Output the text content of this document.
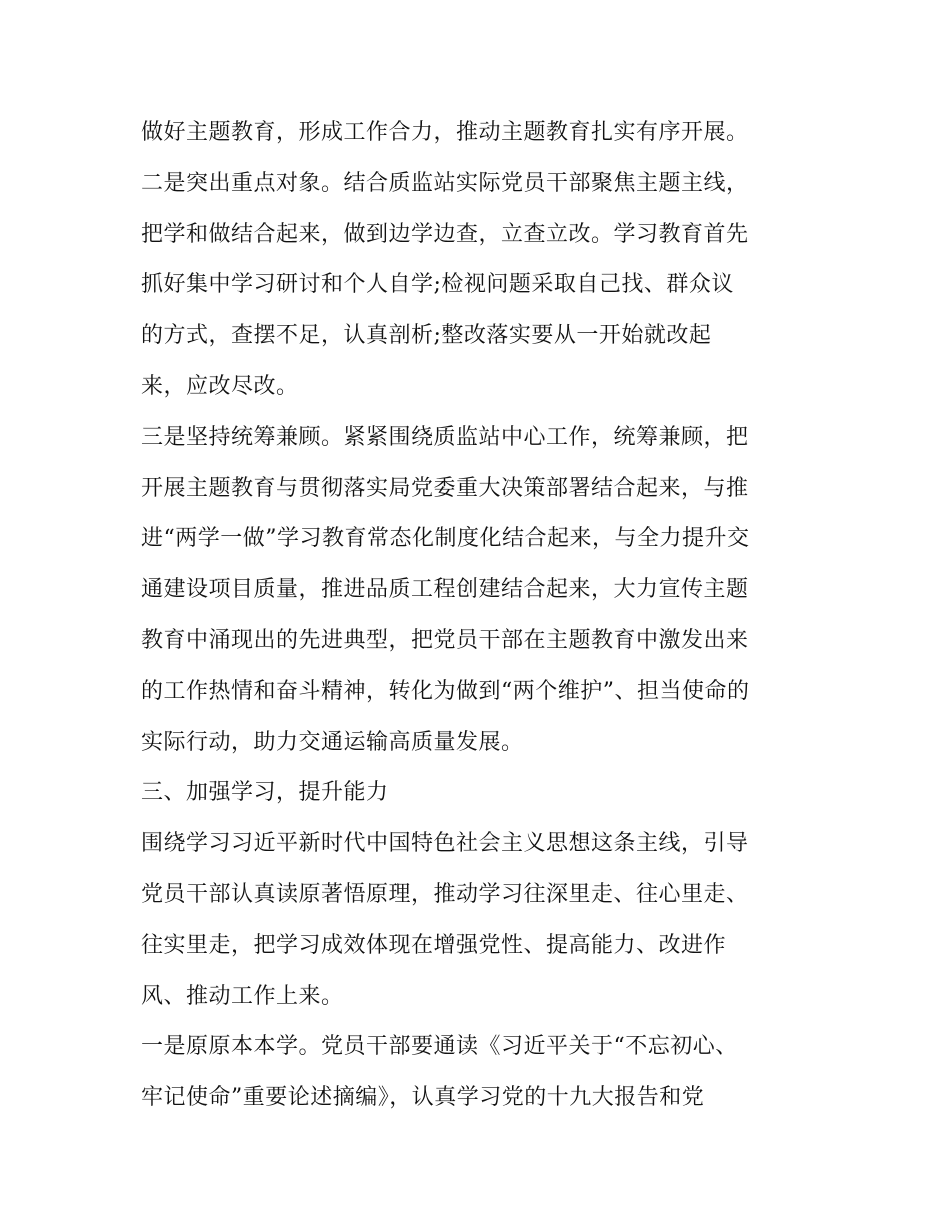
做好主题教育，形成工作合力，推动主题教育扎实有序开展。
二是突出重点对象。结合质监站实际党员干部聚焦主题主线，
把学和做结合起来，做到边学边查，立查立改。学习教育首先
抓好集中学习研讨和个人自学;检视问题采取自己找、群众议
的方式，查摆不足，认真剖析;整改落实要从一开始就改起
来，应改尽改。
三是坚持统筹兼顾。紧紧围绕质监站中心工作，统筹兼顾，把
开展主题教育与贯彻落实局党委重大决策部署结合起来，与推
进“两学一做”学习教育常态化制度化结合起来，与全力提升交
通建设项目质量，推进品质工程创建结合起来，大力宣传主题
教育中涌现出的先进典型，把党员干部在主题教育中激发出来
的工作热情和奋斗精神，转化为做到“两个维护”、担当使命的
实际行动，助力交通运输高质量发展。
三、加强学习，提升能力
围绕学习习近平新时代中国特色社会主义思想这条主线，引导
党员干部认真读原著悟原理，推动学习往深里走、往心里走、
往实里走，把学习成效体现在增强党性、提高能力、改进作
风、推动工作上来。
一是原原本本学。党员干部要通读《习近平关于“不忘初心、
牢记使命”重要论述摘编》，认真学习党的十九大报告和党
